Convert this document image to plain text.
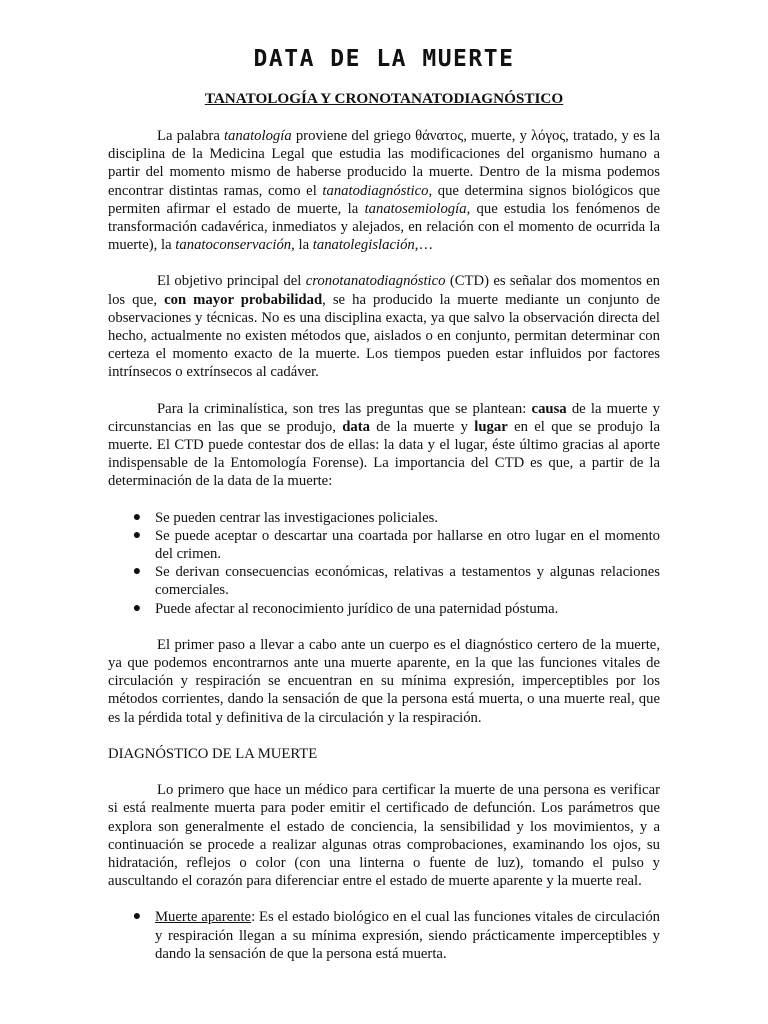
DATA DE LA MUERTE
TANATOLOGÍA Y CRONOTANATODIAGNÓSTICO

La palabra tanatología proviene del griego θάνατος, muerte, y λόγος, tratado, y es la disciplina de la Medicina Legal que estudia las modificaciones del organismo humano a partir del momento mismo de haberse producido la muerte. Dentro de la misma podemos encontrar distintas ramas, como el tanatodiagnóstico, que determina signos biológicos que permiten afirmar el estado de muerte, la tanatosemiología, que estudia los fenómenos de transformación cadavérica, inmediatos y alejados, en relación con el momento de ocurrida la muerte), la tanatoconservación, la tanatolegislación,…

El objetivo principal del cronotanatodiagnóstico (CTD) es señalar dos momentos en los que, con mayor probabilidad, se ha producido la muerte mediante un conjunto de observaciones y técnicas. No es una disciplina exacta, ya que salvo la observación directa del hecho, actualmente no existen métodos que, aislados o en conjunto, permitan determinar con certeza el momento exacto de la muerte. Los tiempos pueden estar influidos por factores intrínsecos o extrínsecos al cadáver.

Para la criminalística, son tres las preguntas que se plantean: causa de la muerte y circunstancias en las que se produjo, data de la muerte y lugar en el que se produjo la muerte. El CTD puede contestar dos de ellas: la data y el lugar, éste último gracias al aporte indispensable de la Entomología Forense). La importancia del CTD es que, a partir de la determinación de la data de la muerte:

● Se pueden centrar las investigaciones policiales.
● Se puede aceptar o descartar una coartada por hallarse en otro lugar en el momento del crimen.
● Se derivan consecuencias económicas, relativas a testamentos y algunas relaciones comerciales.
● Puede afectar al reconocimiento jurídico de una paternidad póstuma.

El primer paso a llevar a cabo ante un cuerpo es el diagnóstico certero de la muerte, ya que podemos encontrarnos ante una muerte aparente, en la que las funciones vitales de circulación y respiración se encuentran en su mínima expresión, imperceptibles por los métodos corrientes, dando la sensación de que la persona está muerta, o una muerte real, que es la pérdida total y definitiva de la circulación y la respiración.

DIAGNÓSTICO DE LA MUERTE

Lo primero que hace un médico para certificar la muerte de una persona es verificar si está realmente muerta para poder emitir el certificado de defunción. Los parámetros que explora son generalmente el estado de conciencia, la sensibilidad y los movimientos, y a continuación se procede a realizar algunas otras comprobaciones, examinando los ojos, su hidratación, reflejos o color (con una linterna o fuente de luz), tomando el pulso y auscultando el corazón para diferenciar entre el estado de muerte aparente y la muerte real.

● Muerte aparente: Es el estado biológico en el cual las funciones vitales de circulación y respiración llegan a su mínima expresión, siendo prácticamente imperceptibles y dando la sensación de que la persona está muerta.
